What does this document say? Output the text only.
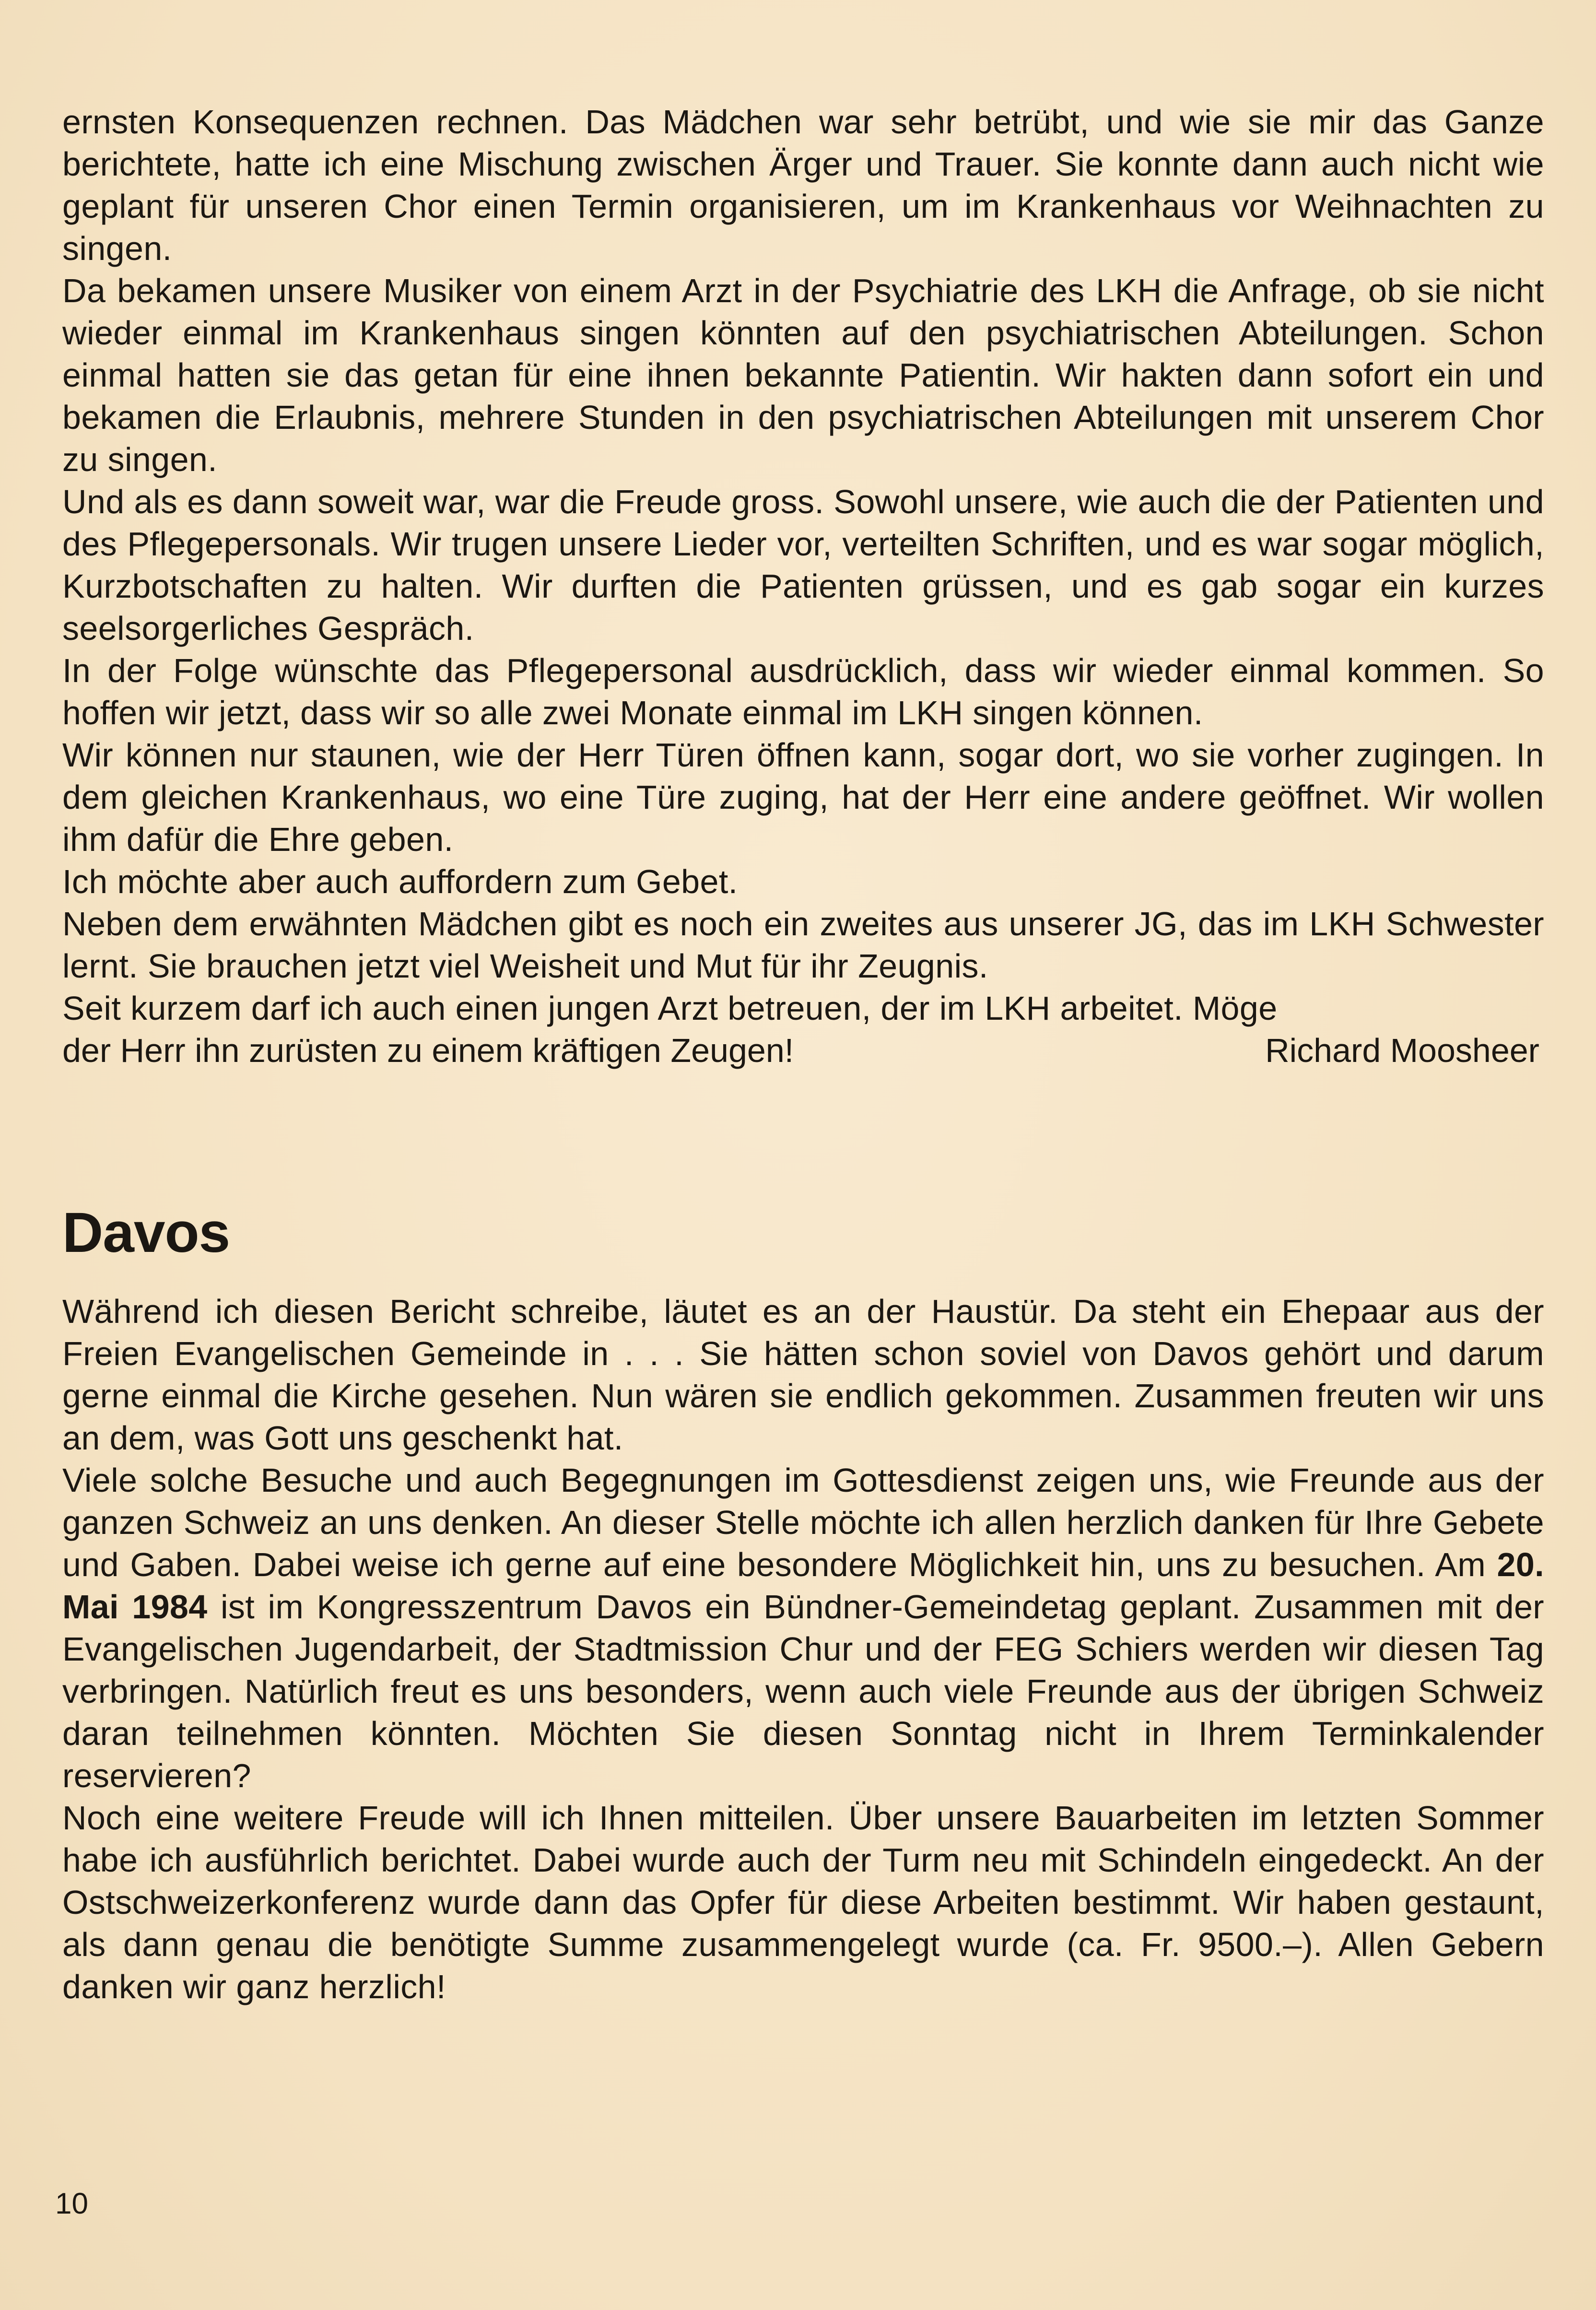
ernsten Konsequenzen rechnen. Das Mädchen war sehr betrübt, und wie sie mir das Ganze berichtete, hatte ich eine Mischung zwischen Ärger und Trauer. Sie konnte dann auch nicht wie geplant für unseren Chor einen Termin organisieren, um im Krankenhaus vor Weihnachten zu singen.

Da bekamen unsere Musiker von einem Arzt in der Psychiatrie des LKH die Anfrage, ob sie nicht wieder einmal im Krankenhaus singen könnten auf den psychiatrischen Abteilungen. Schon einmal hatten sie das getan für eine ihnen bekannte Patientin. Wir hakten dann sofort ein und bekamen die Erlaubnis, mehrere Stunden in den psychiatrischen Abteilungen mit unserem Chor zu singen.

Und als es dann soweit war, war die Freude gross. Sowohl unsere, wie auch die der Patienten und des Pflegepersonals. Wir trugen unsere Lieder vor, verteilten Schriften, und es war sogar möglich, Kurzbotschaften zu halten. Wir durften die Patienten grüssen, und es gab sogar ein kurzes seelsorgerliches Gespräch.

In der Folge wünschte das Pflegepersonal ausdrücklich, dass wir wieder einmal kommen. So hoffen wir jetzt, dass wir so alle zwei Monate einmal im LKH singen können.

Wir können nur staunen, wie der Herr Türen öffnen kann, sogar dort, wo sie vorher zugingen. In dem gleichen Krankenhaus, wo eine Türe zuging, hat der Herr eine andere geöffnet. Wir wollen ihm dafür die Ehre geben.

Ich möchte aber auch auffordern zum Gebet.

Neben dem erwähnten Mädchen gibt es noch ein zweites aus unserer JG, das im LKH Schwester lernt. Sie brauchen jetzt viel Weisheit und Mut für ihr Zeugnis.

Seit kurzem darf ich auch einen jungen Arzt betreuen, der im LKH arbeitet. Möge

der Herr ihn zurüsten zu einem kräftigen Zeugen!	Richard Moosheer
Davos

Während ich diesen Bericht schreibe, läutet es an der Haustür. Da steht ein Ehepaar aus der Freien Evangelischen Gemeinde in . . . Sie hätten schon soviel von Davos gehört und darum gerne einmal die Kirche gesehen. Nun wären sie endlich gekommen. Zusammen freuten wir uns an dem, was Gott uns geschenkt hat.

Viele solche Besuche und auch Begegnungen im Gottesdienst zeigen uns, wie Freunde aus der ganzen Schweiz an uns denken. An dieser Stelle möchte ich allen herzlich danken für Ihre Gebete und Gaben. Dabei weise ich gerne auf eine besondere Möglichkeit hin, uns zu besuchen. Am 20. Mai 1984 ist im Kongresszentrum Davos ein Bündner-Gemeindetag geplant. Zusammen mit der Evangelischen Jugendarbeit, der Stadtmission Chur und der FEG Schiers werden wir diesen Tag verbringen. Natürlich freut es uns besonders, wenn auch viele Freunde aus der übrigen Schweiz daran teilnehmen könnten. Möchten Sie diesen Sonntag nicht in Ihrem Terminkalender reservieren?

Noch eine weitere Freude will ich Ihnen mitteilen. Über unsere Bauarbeiten im letzten Sommer habe ich ausführlich berichtet. Dabei wurde auch der Turm neu mit Schindeln eingedeckt. An der Ostschweizerkonferenz wurde dann das Opfer für diese Arbeiten bestimmt. Wir haben gestaunt, als dann genau die benötigte Summe zusammengelegt wurde (ca. Fr. 9500.–). Allen Gebern danken wir ganz herzlich!

10
